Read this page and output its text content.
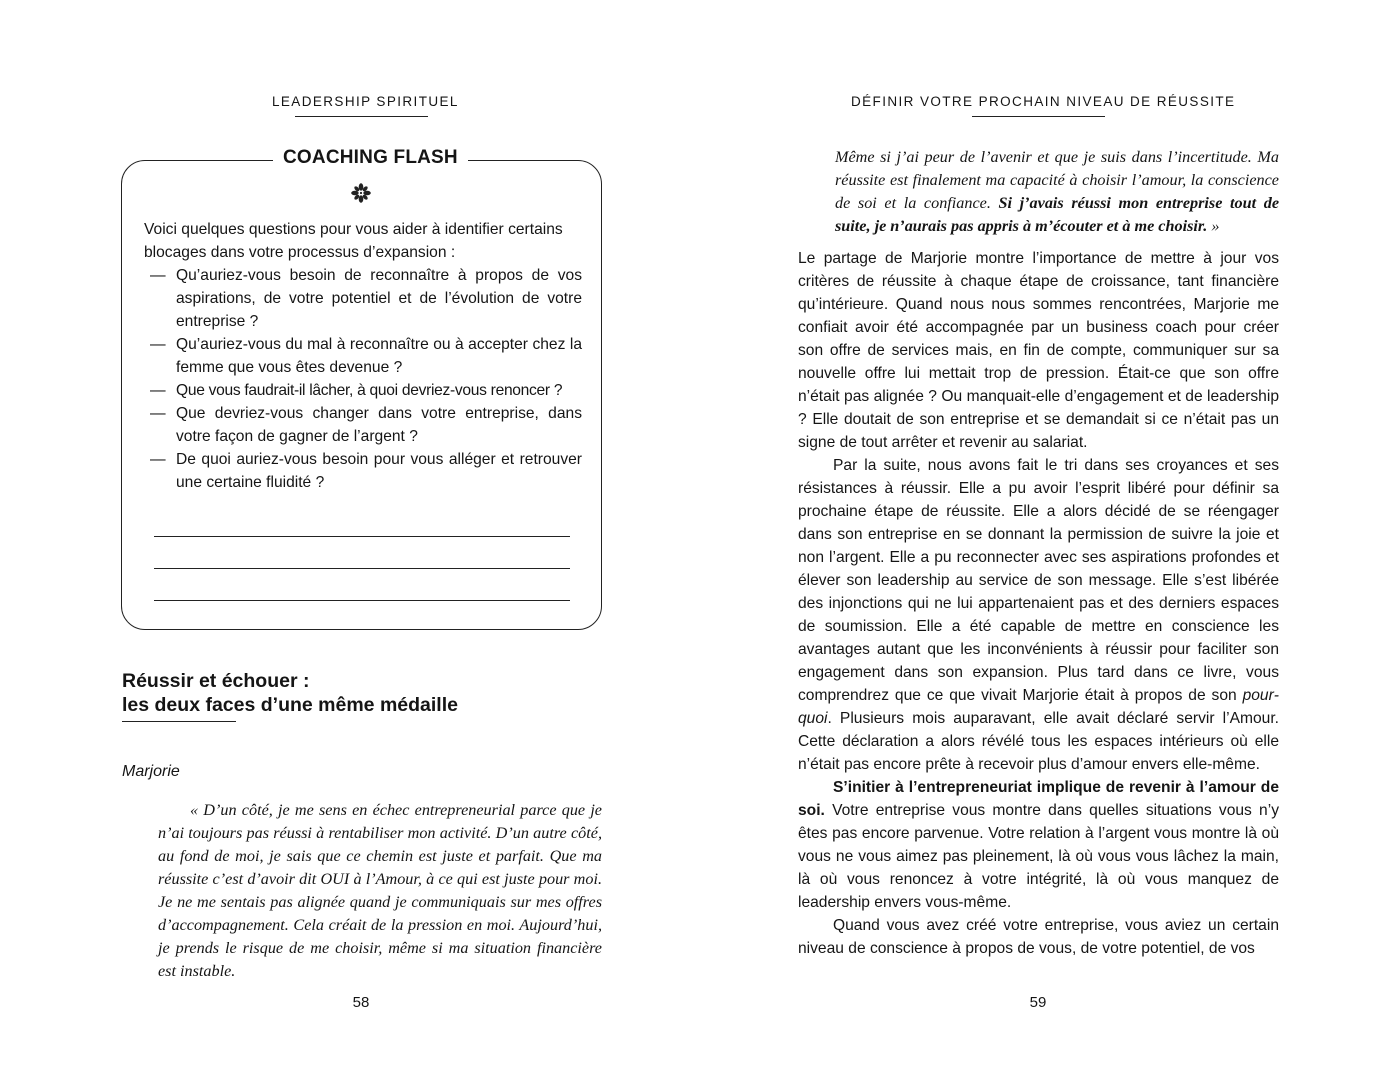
LEADERSHIP SPIRITUEL
COACHING FLASH
Voici quelques questions pour vous aider à identifier certains blocages dans votre processus d’expansion :
— Qu’auriez-vous besoin de reconnaître à propos de vos aspirations, de votre potentiel et de l’évolution de votre entreprise ?
— Qu’auriez-vous du mal à reconnaître ou à accepter chez la femme que vous êtes devenue ?
— Que vous faudrait-il lâcher, à quoi devriez-vous renoncer ?
— Que devriez-vous changer dans votre entreprise, dans votre façon de gagner de l’argent ?
— De quoi auriez-vous besoin pour vous alléger et retrouver une certaine fluidité ?
Réussir et échouer :
les deux faces d’une même médaille
Marjorie

« D’un côté, je me sens en échec entrepreneurial parce que je n’ai toujours pas réussi à rentabiliser mon activité. D’un autre côté, au fond de moi, je sais que ce chemin est juste et parfait. Que ma réussite c’est d’avoir dit OUI à l’Amour, à ce qui est juste pour moi. Je ne me sentais pas alignée quand je communiquais sur mes offres d’accompagnement. Cela créait de la pression en moi. Aujourd’hui, je prends le risque de me choisir, même si ma situation financière est instable.

58
DÉFINIR VOTRE PROCHAIN NIVEAU DE RÉUSSITE
59

Même si j’ai peur de l’avenir et que je suis dans l’incertitude. Ma réussite est finalement ma capacité à choisir l’amour, la conscience de soi et la confiance. Si j’avais réussi mon entreprise tout de suite, je n’aurais pas appris à m’écouter et à me choisir. »

Le partage de Marjorie montre l’importance de mettre à jour vos critères de réussite à chaque étape de croissance, tant financière qu’intérieure. Quand nous nous sommes rencontrées, Marjorie me confiait avoir été accompagnée par un business coach pour créer son offre de services mais, en fin de compte, communiquer sur sa nouvelle offre lui mettait trop de pression. Était-ce que son offre n’était pas alignée ? Ou manquait-elle d’engagement et de leadership ? Elle doutait de son entreprise et se demandait si ce n’était pas un signe de tout arrêter et revenir au salariat.

Par la suite, nous avons fait le tri dans ses croyances et ses résistances à réussir. Elle a pu avoir l’esprit libéré pour définir sa prochaine étape de réussite. Elle a alors décidé de se réengager dans son entreprise en se donnant la permission de suivre la joie et non l’argent. Elle a pu reconnecter avec ses aspirations profondes et élever son leadership au service de son message. Elle s’est libérée des injonctions qui ne lui appartenaient pas et des derniers espaces de soumission. Elle a été capable de mettre en conscience les avantages autant que les inconvénients à réussir pour faciliter son engagement dans son expansion. Plus tard dans ce livre, vous comprendrez que ce que vivait Marjorie était à propos de son pourquoi. Plusieurs mois auparavant, elle avait déclaré servir l’Amour. Cette déclaration a alors révélé tous les espaces intérieurs où elle n’était pas encore prête à recevoir plus d’amour envers elle-même.

S’initier à l’entrepreneuriat implique de revenir à l’amour de soi. Votre entreprise vous montre dans quelles situations vous n’y êtes pas encore parvenue. Votre relation à l’argent vous montre là où vous ne vous aimez pas pleinement, là où vous vous lâchez la main, là où vous renoncez à votre intégrité, là où vous manquez de leadership envers vous-même.

Quand vous avez créé votre entreprise, vous aviez un certain niveau de conscience à propos de vous, de votre potentiel, de vos
